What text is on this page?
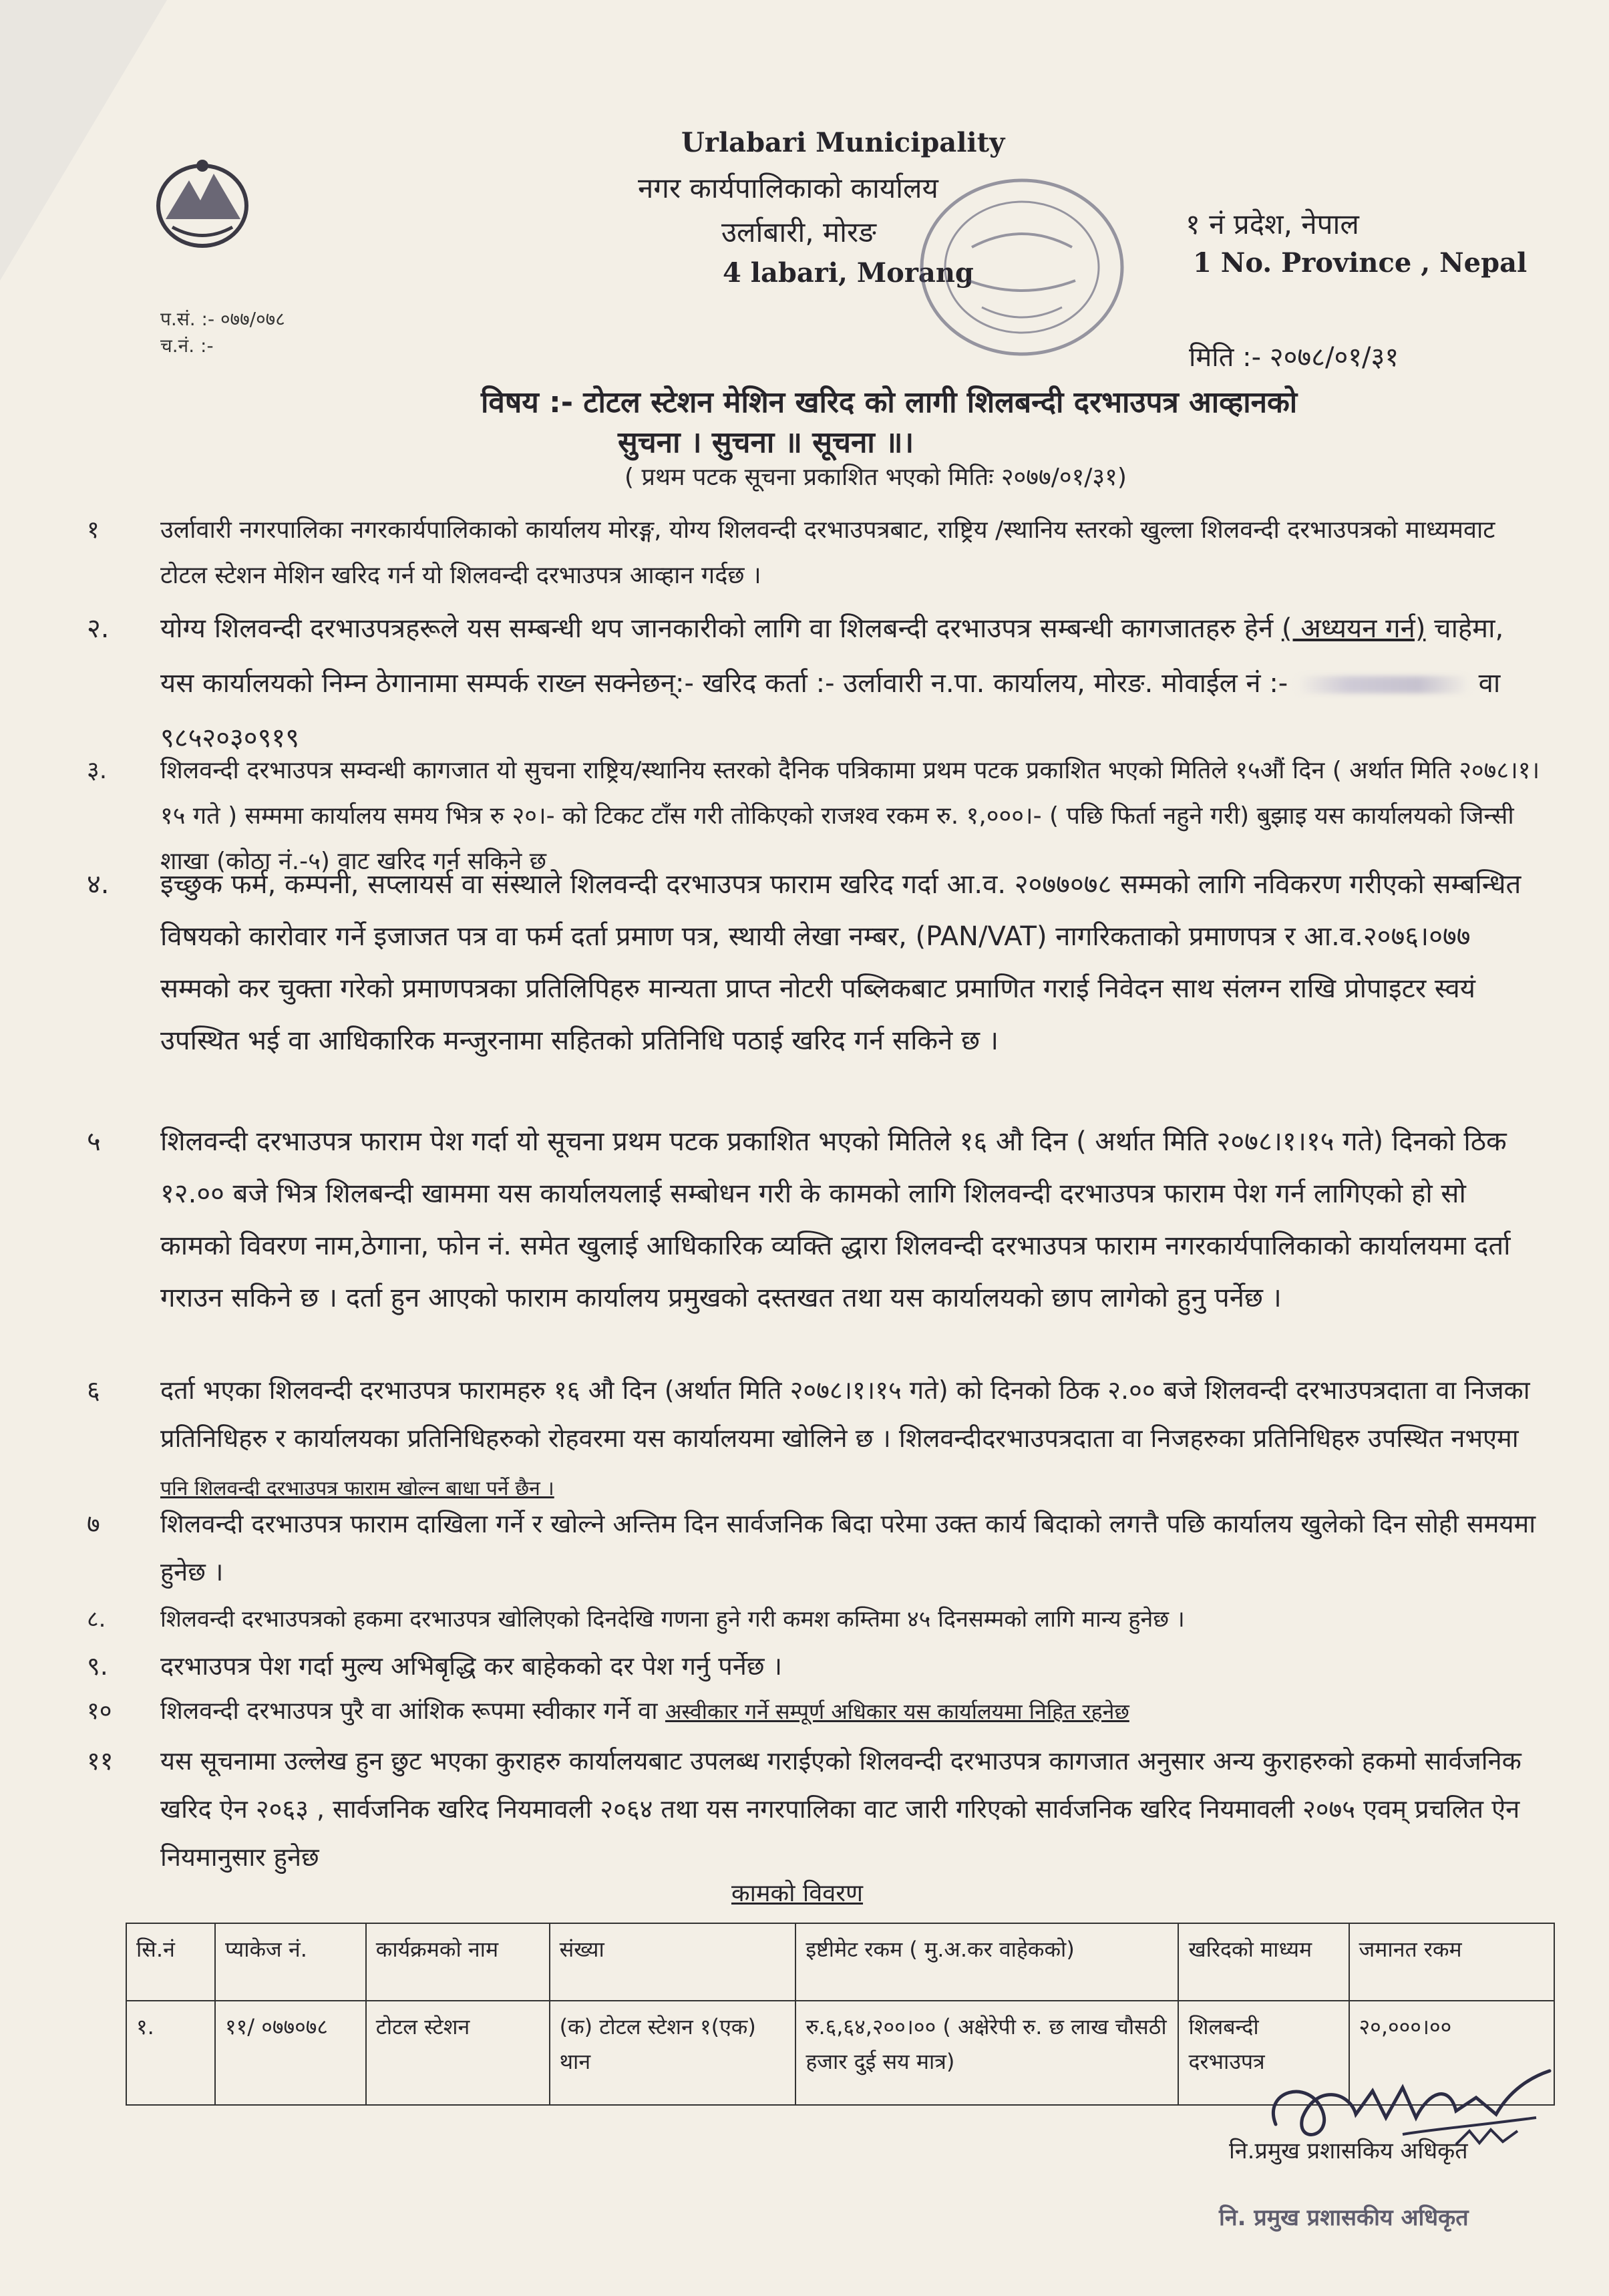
Urlabari Municipality
नगर कार्यपालिकाको कार्यालय
उर्लाबारी, मोरङ
4 labari, Morang
१ नं प्रदेश, नेपाल
1 No. Province , Nepal
प.सं. :- ०७७/०७८
च.नं. :-	मिति :- २०७८/०१/३१
विषय :- टोटल स्टेशन मेशिन खरिद को लागी शिलबन्दी दरभाउपत्र आव्हानको
सुचना । सुचना ॥ सूचना ॥।
( प्रथम पटक सूचना प्रकाशित भएको मितिः २०७७/०१/३१)
१	उर्लावारी नगरपालिका नगरकार्यपालिकाको कार्यालय मोरङ्ग, योग्य शिलवन्दी दरभाउपत्रबाट, राष्ट्रिय /स्थानिय स्तरको खुल्ला शिलवन्दी दरभाउपत्रको माध्यमवाट टोटल स्टेशन मेशिन खरिद गर्न यो शिलवन्दी दरभाउपत्र आव्हान गर्दछ ।
२.	योग्य शिलवन्दी दरभाउपत्रहरूले यस सम्बन्धी थप जानकारीको लागि वा शिलबन्दी दरभाउपत्र सम्बन्धी कागजातहरु हेर्न ( अध्ययन गर्न) चाहेमा, यस कार्यालयको निम्न ठेगानामा सम्पर्क राख्न सक्नेछन्:- खरिद कर्ता :- उर्लावारी न.पा. कार्यालय, मोरङ. मोवाईल नं :-	वा ९८५२०३०९१९
३.	शिलवन्दी दरभाउपत्र सम्वन्धी कागजात यो सुचना राष्ट्रिय/स्थानिय स्तरको दैनिक पत्रिकामा प्रथम पटक प्रकाशित भएको मितिले १५औं दिन ( अर्थात मिति २०७८।१।१५ गते ) सम्ममा कार्यालय समय भित्र रु २०।- को टिकट टाँस गरी तोकिएको राजश्व रकम रु. १,०००।- ( पछि फिर्ता नहुने गरी) बुझाइ यस कार्यालयको जिन्सी शाखा (कोठा नं.-५) वाट खरिद गर्न सकिने छ
४.	इच्छुक फर्म, कम्पनी, सप्लायर्स वा संस्थाले शिलवन्दी दरभाउपत्र फाराम खरिद गर्दा आ.व. २०७७०७८ सम्मको लागि नविकरण गरीएको सम्बन्धित विषयको कारोवार गर्ने इजाजत पत्र वा फर्म दर्ता प्रमाण पत्र, स्थायी लेखा नम्बर, (PAN/VAT) नागरिकताको प्रमाणपत्र र आ.व.२०७६।०७७ सम्मको कर चुक्ता गरेको प्रमाणपत्रका प्रतिलिपिहरु मान्यता प्राप्त नोटरी पब्लिकबाट प्रमाणित गराई निवेदन साथ संलग्न राखि प्रोपाइटर स्वयं उपस्थित भई वा आधिकारिक मन्जुरनामा सहितको प्रतिनिधि पठाई खरिद गर्न सकिने छ ।
५	शिलवन्दी दरभाउपत्र फाराम पेश गर्दा यो सूचना प्रथम पटक प्रकाशित भएको मितिले १६ औ दिन ( अर्थात मिति २०७८।१।१५ गते) दिनको ठिक १२.०० बजे भित्र शिलबन्दी खाममा यस कार्यालयलाई सम्बोधन गरी के कामको लागि शिलवन्दी दरभाउपत्र फाराम पेश गर्न लागिएको हो सो कामको विवरण नाम,ठेगाना, फोन नं. समेत खुलाई आधिकारिक व्यक्ति द्धारा शिलवन्दी दरभाउपत्र फाराम नगरकार्यपालिकाको कार्यालयमा दर्ता गराउन सकिने छ । दर्ता हुन आएको फाराम कार्यालय प्रमुखको दस्तखत तथा यस कार्यालयको छाप लागेको हुनु पर्नेछ ।
६	दर्ता भएका शिलवन्दी दरभाउपत्र फारामहरु १६ औ दिन (अर्थात मिति २०७८।१।१५ गते) को दिनको ठिक २.०० बजे शिलवन्दी दरभाउपत्रदाता वा निजका प्रतिनिधिहरु र कार्यालयका प्रतिनिधिहरुको रोहवरमा यस कार्यालयमा खोलिने छ । शिलवन्दीदरभाउपत्रदाता वा निजहरुका प्रतिनिधिहरु उपस्थित नभएमा पनि शिलवन्दी दरभाउपत्र फाराम खोल्न बाधा पर्ने छैन ।
७	शिलवन्दी दरभाउपत्र फाराम दाखिला गर्ने र खोल्ने अन्तिम दिन सार्वजनिक बिदा परेमा उक्त कार्य बिदाको लगत्तै पछि कार्यालय खुलेको दिन सोही समयमा हुनेछ ।
८.	शिलवन्दी दरभाउपत्रको हकमा दरभाउपत्र खोलिएको दिनदेखि गणना हुने गरी कमश कम्तिमा ४५ दिनसम्मको लागि मान्य हुनेछ ।
९.	दरभाउपत्र पेश गर्दा मुल्य अभिबृद्धि कर बाहेकको दर पेश गर्नु पर्नेछ ।
१०	शिलवन्दी दरभाउपत्र पुरै वा आंशिक रूपमा स्वीकार गर्ने वा अस्वीकार गर्ने सम्पूर्ण अधिकार यस कार्यालयमा निहित रहनेछ
११	यस सूचनामा उल्लेख हुन छुट भएका कुराहरु कार्यालयबाट उपलब्ध गराईएको शिलवन्दी दरभाउपत्र कागजात अनुसार अन्य कुराहरुको हकमो सार्वजनिक खरिद ऐन २०६३ , सार्वजनिक खरिद नियमावली २०६४ तथा यस नगरपालिका वाट जारी गरिएको सार्वजनिक खरिद नियमावली २०७५ एवम् प्रचलित ऐन नियमानुसार हुनेछ
कामको विवरण
सि.नं	प्याकेज नं.	कार्यक्रमको नाम	संख्या	इष्टीमेट रकम ( मु.अ.कर वाहेकको)	खरिदको माध्यम	जमानत रकम
१.	११/ ०७७०७८	टोटल स्टेशन	(क) टोटल स्टेशन १(एक) थान	रु.६,६४,२००।०० ( अक्षेरेपी रु. छ लाख चौसठी हजार दुई सय मात्र)	शिलबन्दी दरभाउपत्र	२०,०००।००
नि.प्रमुख प्रशासकिय अधिकृत
नि. प्रमुख प्रशासकीय अधिकृत
